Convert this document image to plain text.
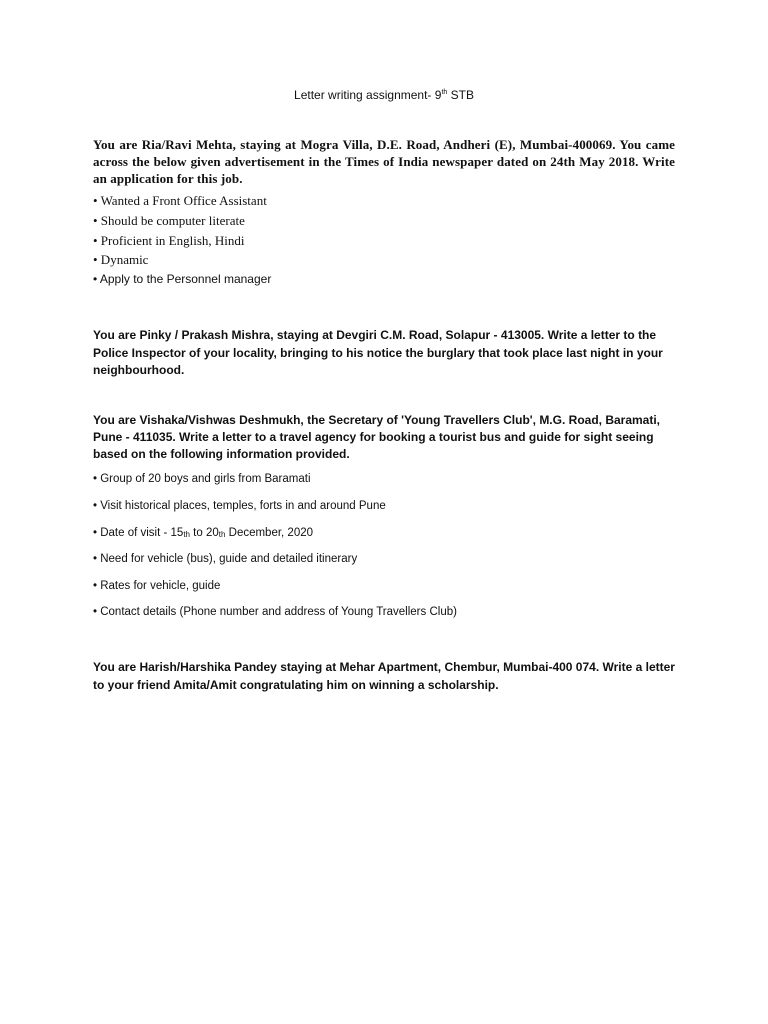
Letter writing assignment- 9th STB
You are Ria/Ravi Mehta, staying at Mogra Villa, D.E. Road, Andheri (E), Mumbai-400069. You came across the below given advertisement in the Times of India newspaper dated on 24th May 2018. Write an application for this job.
• Wanted a Front Office Assistant
• Should be computer literate
• Proficient in English, Hindi
• Dynamic
• Apply to the Personnel manager
You are Pinky / Prakash Mishra, staying at Devgiri C.M. Road, Solapur - 413005. Write a letter to the Police Inspector of your locality, bringing to his notice the burglary that took place last night in your neighbourhood.
You are Vishaka/Vishwas Deshmukh, the Secretary of 'Young Travellers Club', M.G. Road, Baramati, Pune - 411035. Write a letter to a travel agency for booking a tourist bus and guide for sight seeing based on the following information provided.
• Group of 20 boys and girls from Baramati
• Visit historical places, temples, forts in and around Pune
• Date of visit - $15_{th}$ to $20_{th}$ December, 2020
• Need for vehicle (bus), guide and detailed itinerary
• Rates for vehicle, guide
• Contact details (Phone number and address of Young Travellers Club)
You are Harish/Harshika Pandey staying at Mehar Apartment, Chembur, Mumbai-400 074. Write a letter to your friend Amita/Amit congratulating him on winning a scholarship.
